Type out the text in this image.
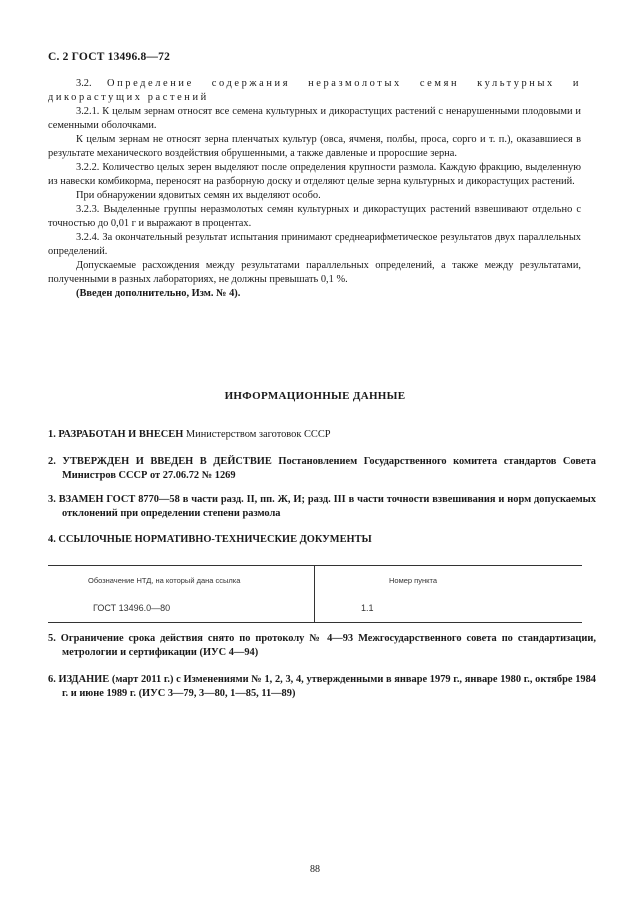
С. 2 ГОСТ 13496.8—72

3.2. Определение содержания неразмолотых семян культурных и дикорастущих растений

3.2.1. К целым зернам относят все семена культурных и дикорастущих растений с ненарушенными плодовыми и семенными оболочками.

К целым зернам не относят зерна пленчатых культур (овса, ячменя, полбы, проса, сорго и т. п.), оказавшиеся в результате механического воздействия обрушенными, а также давленые и проросшие зерна.

3.2.2. Количество целых зерен выделяют после определения крупности размола. Каждую фракцию, выделенную из навески комбикорма, переносят на разборную доску и отделяют целые зерна культурных и дикорастущих растений.

При обнаружении ядовитых семян их выделяют особо.

3.2.3. Выделенные группы неразмолотых семян культурных и дикорастущих растений взвешивают отдельно с точностью до 0,01 г и выражают в процентах.

3.2.4. За окончательный результат испытания принимают среднеарифметическое результатов двух параллельных определений.

Допускаемые расхождения между результатами параллельных определений, а также между результатами, полученными в разных лабораториях, не должны превышать 0,1 %.

(Введен дополнительно, Изм. № 4).

ИНФОРМАЦИОННЫЕ ДАННЫЕ
1. РАЗРАБОТАН И ВНЕСЕН Министерством заготовок СССР
2. УТВЕРЖДЕН И ВВЕДЕН В ДЕЙСТВИЕ Постановлением Государственного комитета стандартов Совета Министров СССР от 27.06.72 № 1269
3. ВЗАМЕН ГОСТ 8770—58 в части разд. II, пп. Ж, И; разд. III в части точности взвешивания и норм допускаемых отклонений при определении степени размола
4. ССЫЛОЧНЫЕ НОРМАТИВНО-ТЕХНИЧЕСКИЕ ДОКУМЕНТЫ
Обозначение НТД, на который дана ссылка	Номер пункта
ГОСТ 13496.0—80	1.1
5. Ограничение срока действия снято по протоколу № 4—93 Межгосударственного совета по стандартизации, метрологии и сертификации (ИУС 4—94)
6. ИЗДАНИЕ (март 2011 г.) с Изменениями № 1, 2, 3, 4, утвержденными в январе 1979 г., январе 1980 г., октябре 1984 г. и июне 1989 г. (ИУС 3—79, 3—80, 1—85, 11—89)
88
